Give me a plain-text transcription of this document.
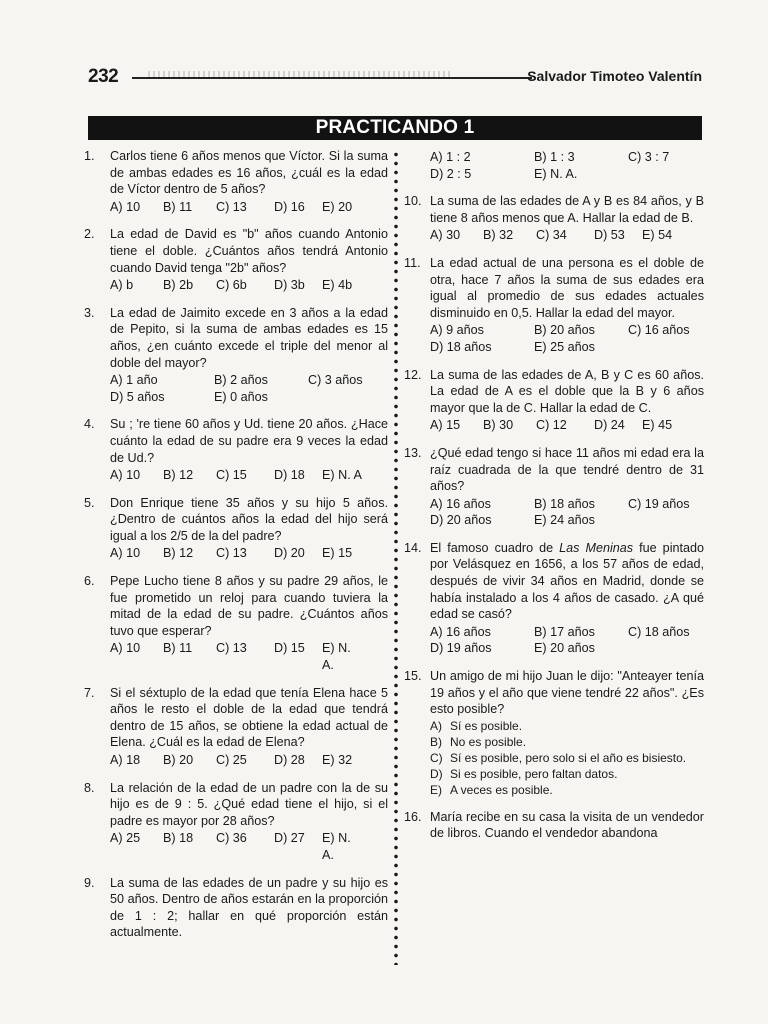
232	Salvador Timoteo Valentín
PRACTICANDO 1
1. Carlos tiene 6 años menos que Víctor. Si la suma de ambas edades es 16 años, ¿cuál es la edad de Víctor dentro de 5 años?
A) 10	B) 11	C) 13	D) 16	E) 20
2. La edad de David es "b" años cuando Antonio tiene el doble. ¿Cuántos años tendrá Antonio cuando David tenga "2b" años?
A) b	B) 2b	C) 6b	D) 3b	E) 4b
3. La edad de Jaimito excede en 3 años a la edad de Pepito, si la suma de ambas edades es 15 años, ¿en cuánto excede el triple del menor al doble del mayor?
A) 1 año	B) 2 años	C) 3 años
D) 5 años	E) 0 años
4. Su ; 're tiene 60 años y Ud. tiene 20 años. ¿Hace cuánto la edad de su padre era 9 veces la edad de Ud.?
A) 10	B) 12	C) 15	D) 18	E) N. A
5. Don Enrique tiene 35 años y su hijo 5 años. ¿Dentro de cuántos años la edad del hijo será igual a los 2/5 de la del padre?
A) 10	B) 12	C) 13	D) 20	E) 15
6. Pepe Lucho tiene 8 años y su padre 29 años, le fue prometido un reloj para cuando tuviera la mitad de la edad de su padre. ¿Cuántos años tuvo que esperar?
A) 10	B) 11	C) 13	D) 15	E) N. A.
7. Si el séxtuplo de la edad que tenía Elena hace 5 años le resto el doble de la edad que tendrá dentro de 15 años, se obtiene la edad actual de Elena. ¿Cuál es la edad de Elena?
A) 18	B) 20	C) 25	D) 28	E) 32
8. La relación de la edad de un padre con la de su hijo es de 9 : 5. ¿Qué edad tiene el hijo, si el padre es mayor por 28 años?
A) 25	B) 18	C) 36	D) 27	E) N. A.
9. La suma de las edades de un padre y su hijo es 50 años. Dentro de años estarán en la proporción de 1 : 2; hallar en qué proporción están actualmente.
A) 1 : 2	B) 1 : 3	C) 3 : 7
D) 2 : 5	E) N. A.
10. La suma de las edades de A y B es 84 años, y B tiene 8 años menos que A. Hallar la edad de B.
A) 30	B) 32	C) 34	D) 53	E) 54
11. La edad actual de una persona es el doble de otra, hace 7 años la suma de sus edades era igual al promedio de sus edades actuales disminuido en 0,5. Hallar la edad del mayor.
A) 9 años	B) 20 años	C) 16 años
D) 18 años	E) 25 años
12. La suma de las edades de A, B y C es 60 años. La edad de A es el doble que la B y 6 años mayor que la de C. Hallar la edad de C.
A) 15	B) 30	C) 12	D) 24	E) 45
13. ¿Qué edad tengo si hace 11 años mi edad era la raíz cuadrada de la que tendré dentro de 31 años?
A) 16 años	B) 18 años	C) 19 años
D) 20 años	E) 24 años
14. El famoso cuadro de Las Meninas fue pintado por Velásquez en 1656, a los 57 años de edad, después de vivir 34 años en Madrid, donde se había instalado a los 4 años de casado. ¿A qué edad se casó?
A) 16 años	B) 17 años	C) 18 años
D) 19 años	E) 20 años
15. Un amigo de mi hijo Juan le dijo: "Anteayer tenía 19 años y el año que viene tendré 22 años". ¿Es esto posible?
A) Sí es posible.
B) No es posible.
C) Sí es posible, pero solo si el año es bisiesto.
D) Si es posible, pero faltan datos.
E) A veces es posible.
16. María recibe en su casa la visita de un vendedor de libros. Cuando el vendedor abandona
